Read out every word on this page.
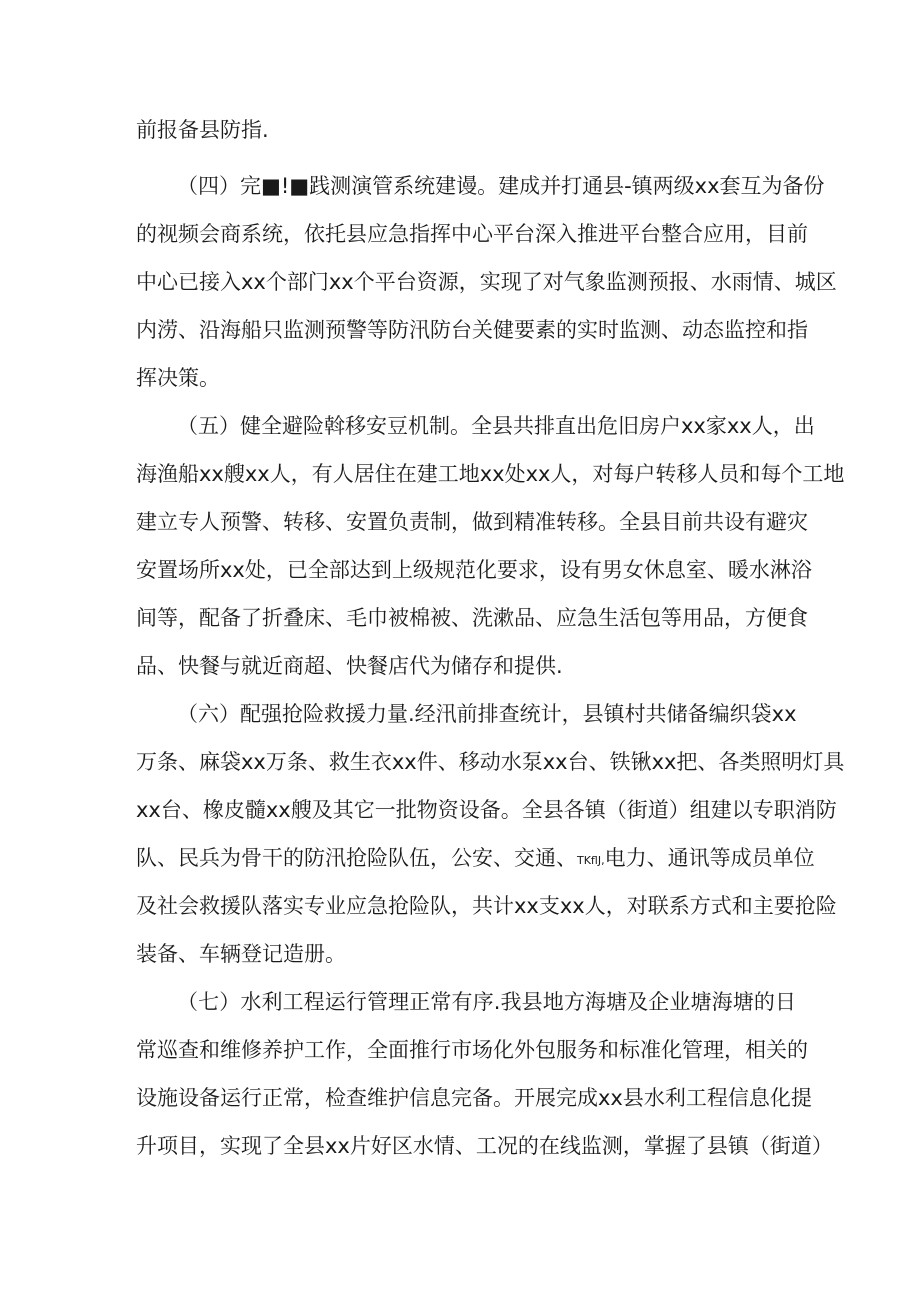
前报备县防指.
（四）完■!■践测演管系统建谩。建成并打通县-镇两级xx套互为备份
的视频会商系统，依托县应急指挥中心平台深入推进平台整合应用，目前
中心已接入xx个部门xx个平台资源，实现了对气象监测预报、水雨情、城区
内涝、沿海船只监测预警等防汛防台关健要素的实时监测、动态监控和指
挥决策。
（五）健全避险斡移安豆机制。全县共排直出危旧房户xx家xx人，出
海渔船xx艘xx人，有人居住在建工地xx处xx人，对每户转移人员和每个工地
建立专人预警、转移、安置负责制，做到精准转移。全县目前共设有避灾
安置场所xx处，已全部达到上级规范化要求，设有男女休息室、暖水淋浴
间等，配备了折叠床、毛巾被棉被、洗漱品、应急生活包等用品，方便食
品、快餐与就近商超、快餐店代为储存和提供.
（六）配强抢险救援力量.经汛前排查统计，县镇村共储备编织袋xx
万条、麻袋xx万条、救生衣xx件、移动水泵xx台、铁锹xx把、各类照明灯具
xx台、橡皮髓xx艘及其它一批物资设备。全县各镇（街道）组建以专职消防
队、民兵为骨干的防汛抢险队伍，公安、交通、TKflJ,电力、通讯等成员单位
及社会救援队落实专业应急抢险队，共计xx支xx人，对联系方式和主要抢险
装备、车辆登记造册。
（七）水利工程运行管理正常有序.我县地方海塘及企业塘海塘的日
常巡查和维修养护工作，全面推行市场化外包服务和标准化管理，相关的
设施设备运行正常，检查维护信息完备。开展完成xx县水利工程信息化提
升项目，实现了全县xx片好区水情、工况的在线监测，掌握了县镇（街道）
